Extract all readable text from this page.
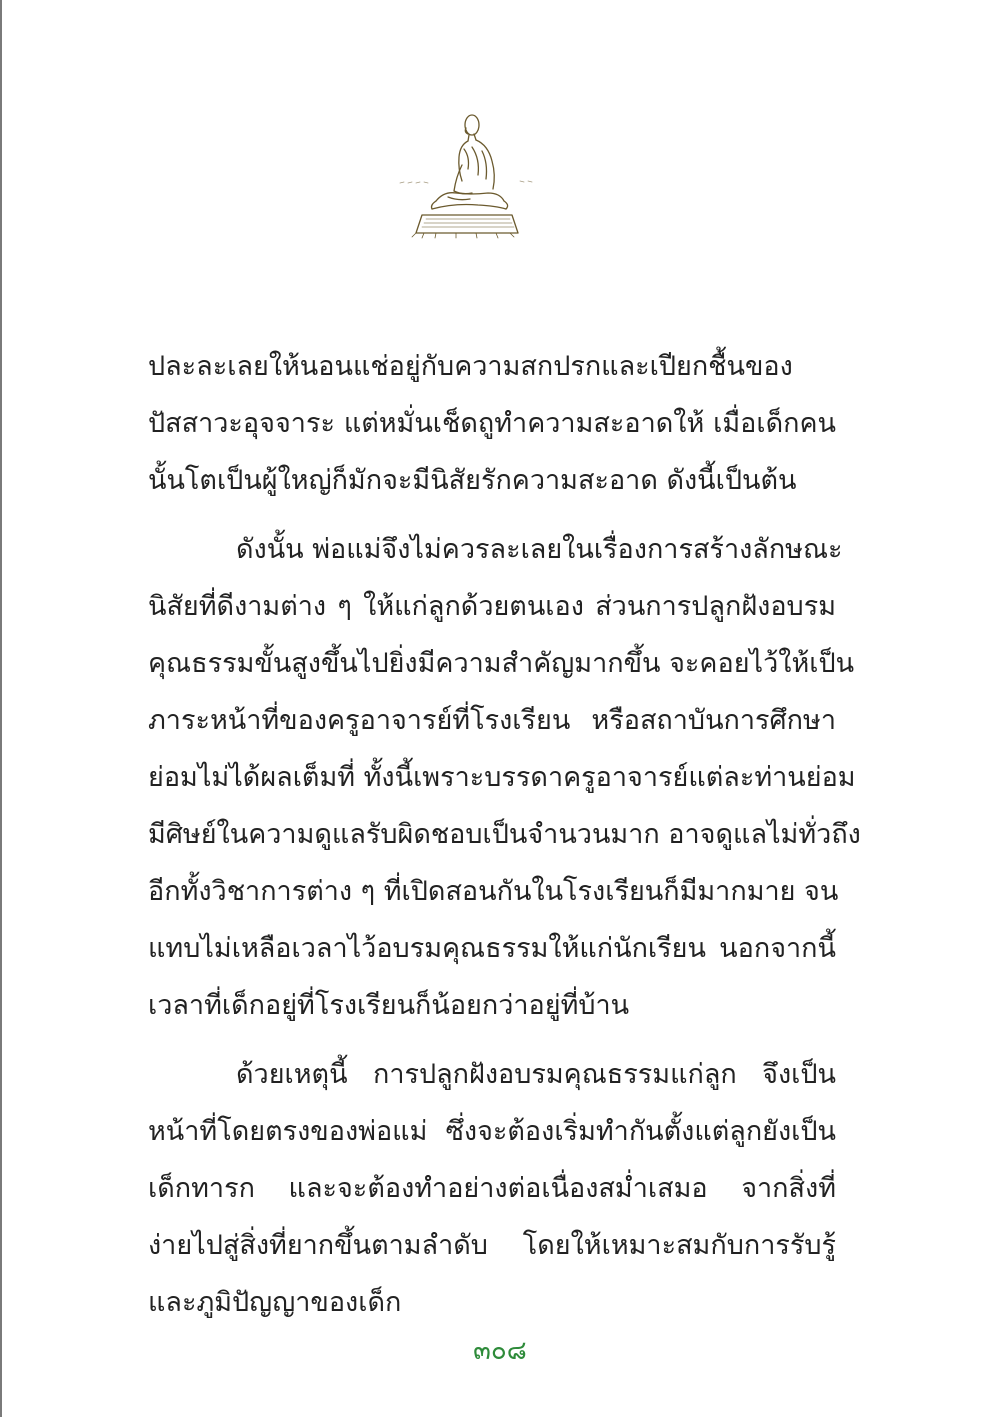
ปละละเลยให้นอนแช่อยู่กับความสกปรกและเปียกชื้นของ
ปัสสาวะอุจจาระ แต่หมั่นเช็ดถูทำความสะอาดให้ เมื่อเด็กคน
นั้นโตเป็นผู้ใหญ่ก็มักจะมีนิสัยรักความสะอาด ดังนี้เป็นต้น
ดังนั้น พ่อแม่จึงไม่ควรละเลยในเรื่องการสร้างลักษณะ
นิสัยที่ดีงามต่าง ๆ ให้แก่ลูกด้วยตนเอง ส่วนการปลูกฝังอบรม
คุณธรรมขั้นสูงขึ้นไปยิ่งมีความสำคัญมากขึ้น จะคอยไว้ให้เป็น
ภาระหน้าที่ของครูอาจารย์ที่โรงเรียน หรือสถาบันการศึกษา
ย่อมไม่ได้ผลเต็มที่ ทั้งนี้เพราะบรรดาครูอาจารย์แต่ละท่านย่อม
มีศิษย์ในความดูแลรับผิดชอบเป็นจำนวนมาก อาจดูแลไม่ทั่วถึง
อีกทั้งวิชาการต่าง ๆ ที่เปิดสอนกันในโรงเรียนก็มีมากมาย จน
แทบไม่เหลือเวลาไว้อบรมคุณธรรมให้แก่นักเรียน นอกจากนี้
เวลาที่เด็กอยู่ที่โรงเรียนก็น้อยกว่าอยู่ที่บ้าน
ด้วยเหตุนี้ การปลูกฝังอบรมคุณธรรมแก่ลูก จึงเป็น
หน้าที่โดยตรงของพ่อแม่ ซึ่งจะต้องเริ่มทำกันตั้งแต่ลูกยังเป็น
เด็กทารก และจะต้องทำอย่างต่อเนื่องสม่ำเสมอ จากสิ่งที่
ง่ายไปสู่สิ่งที่ยากขึ้นตามลำดับ โดยให้เหมาะสมกับการรับรู้
และภูมิปัญญาของเด็ก
๓๐๘
